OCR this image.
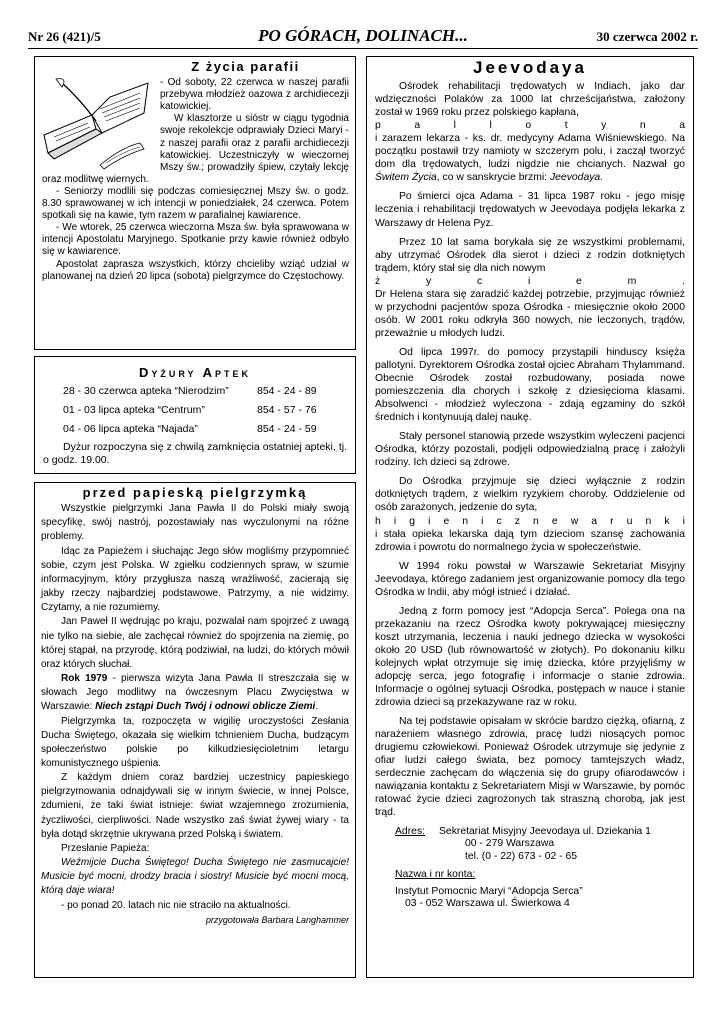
Nr 26 (421)/5	PO GÓRACH, DOLINACH...	30 czerwca 2002 r.
Z życia parafii

- Od soboty, 22 czerwca w naszej parafii przebywa młodzież oazowa z archidiecezji katowickiej.

W klasztorze u sióstr w ciągu tygodnia swoje rekolekcje odprawiały Dzieci Maryi - z naszej parafii oraz z parafii archidiecezji katowickiej. Uczestniczyły w wieczornej Mszy św.; prowadziły śpiew, czytały lekcję oraz modlitwę wiernych.

- Seniorzy modlili się podczas comiesięcznej Mszy św. o godz. 8.30 sprawowanej w ich intencji w poniedziałek, 24 czerwca. Potem spotkali się na kawie, tym razem w parafialnej kawiarence.

- We wtorek, 25 czerwca wieczorna Msza św. była sprawowana w intencji Apostolatu Maryjnego. Spotkanie przy kawie również odbyło się w kawiarence.

Apostolat zaprasza wszystkich, którzy chcieliby wziąć udział w planowanej na dzień 20 lipca (sobota) pielgrzymce do Częstochowy.

Dyżury Aptek
28 - 30 czerwca apteka “Nierodzim”	854 - 24 - 89
01 - 03 lipca apteka “Centrum”	854 - 57 - 76
04 - 06 lipca apteka “Najada”	854 - 24 - 59

Dyżur rozpoczyna się z chwilą zamknięcia ostatniej apteki, tj. o godz. 19.00.

przed papieską pielgrzymką

Wszystkie pielgrzymki Jana Pawła II do Polski miały swoją specyfikę, swój nastrój, pozostawiały nas wyczulonymi na różne problemy.

Idąc za Papieżem i słuchając Jego słów mogliśmy przypomnieć sobie, czym jest Polska. W zgiełku codziennych spraw, w szumie informacyjnym, który przygłusza naszą wrażliwość, zacierają się jakby rzeczy najbardziej podstawowe. Patrzymy, a nie widzimy. Czytamy, a nie rozumiemy.

Jan Paweł II wędrując po kraju, pozwalał nam spojrzeć z uwagą nie tylko na siebie, ale zachęcał również do spojrzenia na ziemię, po której stąpał, na przyrodę, którą podziwiał, na ludzi, do których mówił oraz których słuchał.

Rok 1979 - pierwsza wizyta Jana Pawła II streszczała się w słowach Jego modlitwy na ówczesnym Placu Zwycięstwa w Warszawie: Niech zstąpi Duch Twój i odnowi oblicze Ziemi.

Pielgrzymka ta, rozpoczęta w wigilię uroczystości Zesłania Ducha Świętego, okazała się wielkim tchnieniem Ducha, budzącym społeczeństwo polskie po kilkudziesięcioletnim letargu komunistycznego uśpienia.

Z każdym dniem coraz bardziej uczestnicy papieskiego pielgrzymowania odnajdywali się w innym świecie, w innej Polsce, zdumieni, że taki świat istnieje: świat wzajemnego zrozumienia, życzliwości, cierpliwości. Nade wszystko zaś świat żywej wiary - ta była dotąd skrzętnie ukrywana przed Polską i światem.

Przesłanie Papieża:

Weźmijcie Ducha Świętego! Ducha Świętego nie zasmucajcie! Musicie być mocni, drodzy bracia i siostry! Musicie być mocni mocą, którą daje wiara!

- po ponad 20. latach nic nie straciło na aktualności.

przygotowała Barbara Langhammer

Jeevodaya

Ośrodek rehabilitacji trędowatych w Indiach, jako dar wdzięczności Polaków za 1000 lat chrześcijaństwa, założony został w 1969 roku przez polskiego kapłana,

p	a	l	l	o	t	y	n	a

i zarazem lekarza - ks. dr. medycyny Adama Wiśniewskiego. Na początku postawił trzy namioty w szczerym polu, i zaczął tworzyć dom dla trędowatych, ludzi nigdzie nie chcianych. Nazwał go Świtem Życia, co w sanskrycie brzmi: Jeevodaya.

Po śmierci ojca Adama - 31 lipca 1987 roku - jego misję leczenia i rehabilitacji trędowatych w Jeevodaya podjęła lekarka z Warszawy dr Helena Pyz.

Przez 10 lat sama borykała się ze wszystkimi problemami, aby utrzymać Ośrodek dla sierot i dzieci z rodzin dotkniętych trądem, który stał się dla nich nowym

ż	y	c	i	e	m	.

Dr Helena stara się zaradzić każdej potrzebie, przyjmując również w przychodni pacjentów spoza Ośrodka - miesięcznie około 2000 osób. W 2001 roku odkryła 360 nowych, nie leczonych, trądów, przeważnie u młodych ludzi.

Od lipca 1997r. do pomocy przystąpili hinduscy księża pallotyni. Dyrektorem Ośrodka został ojciec Abraham Thylammand. Obecnie Ośrodek został rozbudowany, posiada nowe pomieszczenia dla chorych i szkołę z dziesięcioma klasami. Absolwenci - młodzież wyleczona - zdają egzaminy do szkół średnich i kontynuują dalej naukę.

Stały personel stanowią przede wszystkim wyleczeni pacjenci Ośrodka, którzy pozostali, podjęli odpowiedzialną pracę i założyli rodziny. Ich dzieci są zdrowe.

Do Ośrodka przyjmuje się dzieci wyłącznie z rodzin dotkniętych trądem, z wielkim ryzykiem choroby. Oddzielenie od osób zarażonych, jedzenie do syta,

h i g i e n i c z n e w a r u n k i

i stała opieka lekarska dają tym dzieciom szansę zachowania zdrowia i powrotu do normalnego życia w społeczeństwie.

W 1994 roku powstał w Warszawie Sekretariat Misyjny Jeevodaya, którego zadaniem jest organizowanie pomocy dla tego Ośrodka w Indii, aby mógł istnieć i działać.

Jedną z form pomocy jest “Adopcja Serca”. Polega ona na przekazaniu na rzecz Ośrodka kwoty pokrywającej miesięczny koszt utrzymania, leczenia i nauki jednego dziecka w wysokości około 20 USD (lub równowartość w złotych). Po dokonaniu kilku kolejnych wpłat otrzymuje się imię dziecka, które przyjęliśmy w adopcję serca, jego fotografię i informacje o stanie zdrowia. Informacje o ogólnej sytuacji Ośrodka, postępach w nauce i stanie zdrowia dzieci są przekazywane raz w roku.

Na tej podstawie opisałam w skrócie bardzo ciężką, ofiarną, z narażeniem własnego zdrowia, pracę ludzi niosących pomoc drugiemu człowiekowi. Ponieważ Ośrodek utrzymuje się jedynie z ofiar ludzi całego świata, bez pomocy tamtejszych władz, serdecznie zachęcam do włączenia się do grupy ofiarodawców i nawiązania kontaktu z Sekretariatem Misji w Warszawie, by pomóc ratować życie dzieci zagrożonych tak straszną chorobą, jak jest trąd.

Adres:	Sekretariat Misyjny Jeevodaya ul. Dziekania 1
00 - 279 Warszawa
tel. (0 - 22) 673 - 02 - 65
Nazwa i nr konta:
Instytut Pomocnic Maryi “Adopcja Serca”
03 - 052 Warszawa ul. Świerkowa 4
